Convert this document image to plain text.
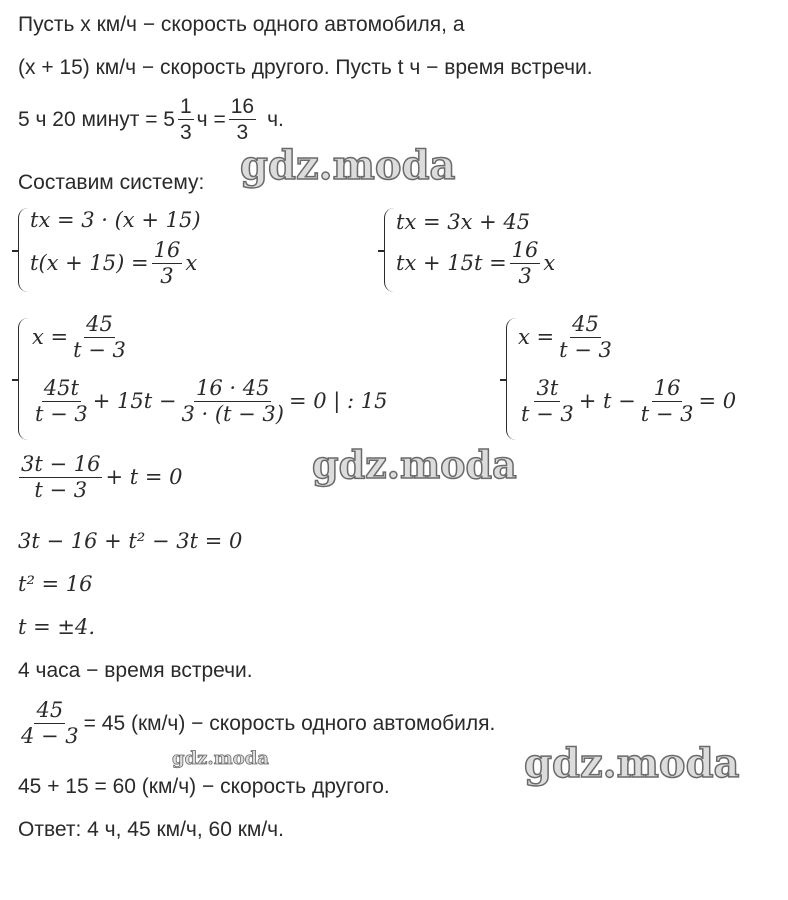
Пусть x км/ч − скорость одного автомобиля, а
(x + 15) км/ч − скорость другого. Пусть t ч − время встречи.
5 ч 20 минут = $5 \frac{1}{3}$ $ч = \frac{16}{3} ч$.
Составим систему:
tx = 3 · (x + 15)
$t(x + 15) = \frac{16}{3}$ x
tx = 3x + 45
tx + $15t = \frac{16}{3}$ x
$x = \frac{45}{t - 3}$
$\frac{45t}{t - 3} + 15t - \frac{16 \cdot 45}{3 \cdot (t - 3)} = 0$ | : 15
$x = \frac{45}{t - 3}$
$\frac{3t}{t - 3} + t - \frac{16}{t - 3} = 0$
$\frac{3t - 16}{t - 3} + t = 0$
3t − 16 + t² − 3t = 0
t² = 16
t = ±4.
4 часа − время встречи.
$\frac{45}{4 - 3} = 45$ (км/ч) − скорость одного автомобиля.
45 + 15 = 60 (км/ч) − скорость другого.
Ответ: 4 ч, 45 км/ч, 60 км/ч.
gdz.moda
gdz.moda
gdz.moda	gdz.moda
